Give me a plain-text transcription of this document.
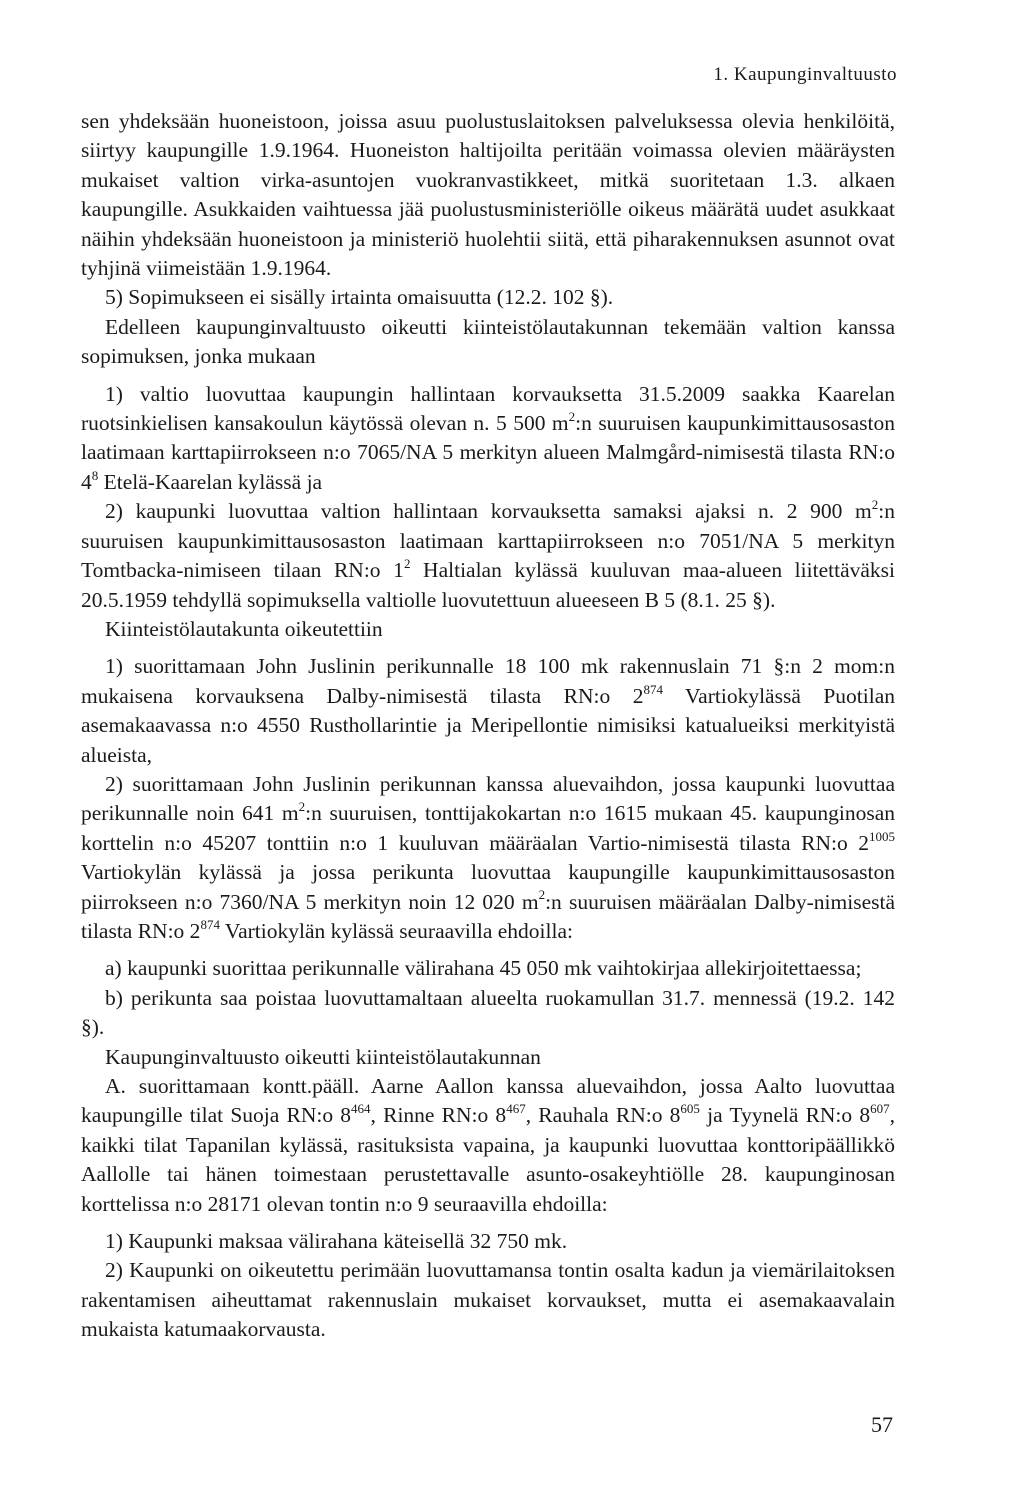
1. Kaupunginvaltuusto

sen yhdeksään huoneistoon, joissa asuu puolustuslaitoksen palveluksessa olevia henkilöitä, siirtyy kaupungille 1.9.1964. Huoneiston haltijoilta peritään voimassa olevien määräysten mukaiset valtion virka-asuntojen vuokranvastikkeet, mitkä suoritetaan 1.3. alkaen kaupungille. Asukkaiden vaihtuessa jää puolustusministeriölle oikeus määrätä uudet asukkaat näihin yhdeksään huoneistoon ja ministeriö huolehtii siitä, että piharakennuksen asunnot ovat tyhjinä viimeistään 1.9.1964.

5) Sopimukseen ei sisälly irtainta omaisuutta (12.2. 102 §).

Edelleen kaupunginvaltuusto oikeutti kiinteistölautakunnan tekemään valtion kanssa sopimuksen, jonka mukaan

1) valtio luovuttaa kaupungin hallintaan korvauksetta 31.5.2009 saakka Kaarelan ruotsinkielisen kansakoulun käytössä olevan n. 5 500 $m^2:n$ suuruisen kaupunkimittausosaston laatimaan karttapiirrokseen n:o 7065/NA 5 merkityn alueen Malmgård-nimisestä tilasta RN:o $4^8$ Etelä-Kaarelan kylässä ja

2) kaupunki luovuttaa valtion hallintaan korvauksetta samaksi ajaksi n. 2 900 $m^2:n$ suuruisen kaupunkimittausosaston laatimaan karttapiirrokseen n:o 7051/NA 5 merkityn Tomtbacka-nimiseen tilaan RN:o $1^2$ Haltialan kylässä kuuluvan maa-alueen liitettäväksi 20.5.1959 tehdyllä sopimuksella valtiolle luovutettuun alueeseen B 5 (8.1. 25 §).

Kiinteistölautakunta oikeutettiin

1) suorittamaan John Juslinin perikunnalle 18 100 mk rakennuslain 71 §:n 2 mom:n mukaisena korvauksena Dalby-nimisestä tilasta RN:o $2^{874}$ Vartiokylässä Puotilan asemakaavassa n:o 4550 Rusthollarintie ja Meripellontie nimisiksi katualueiksi merkityistä alueista,

2) suorittamaan John Juslinin perikunnan kanssa aluevaihdon, jossa kaupunki luovuttaa perikunnalle noin 641 $m^2:n$ suuruisen, tonttijakokartan n:o 1615 mukaan 45. kaupunginosan korttelin n:o 45207 tonttiin n:o 1 kuuluvan määräalan Vartio-nimisestä tilasta RN:o $2^{1005}$ Vartiokylän kylässä ja jossa perikunta luovuttaa kaupungille kaupunkimittausosaston piirrokseen n:o 7360/NA 5 merkityn noin 12 020 $m^2:n$ suuruisen määräalan Dalby-nimisestä tilasta RN:o $2^{874}$ Vartiokylän kylässä seuraavilla ehdoilla:

a) kaupunki suorittaa perikunnalle välirahana 45 050 mk vaihtokirjaa allekirjoitettaessa;

b) perikunta saa poistaa luovuttamaltaan alueelta ruokamullan 31.7. mennessä (19.2. 142 §).

Kaupunginvaltuusto oikeutti kiinteistölautakunnan

A. suorittamaan kontt.pääll. Aarne Aallon kanssa aluevaihdon, jossa Aalto luovuttaa kaupungille tilat Suoja RN:o $8^{464}$, Rinne RN:o $8^{467}$, Rauhala RN:o $8^{605}$ ja Tyynelä RN:o $8^{607}$, kaikki tilat Tapanilan kylässä, rasituksista vapaina, ja kaupunki luovuttaa konttoripäällikkö Aallolle tai hänen toimestaan perustettavalle asunto-osakeyhtiölle 28. kaupunginosan korttelissa n:o 28171 olevan tontin n:o 9 seuraavilla ehdoilla:

1) Kaupunki maksaa välirahana käteisellä 32 750 mk.

2) Kaupunki on oikeutettu perimään luovuttamansa tontin osalta kadun ja viemärilaitoksen rakentamisen aiheuttamat rakennuslain mukaiset korvaukset, mutta ei asemakaavalain mukaista katumaakorvausta.

57
